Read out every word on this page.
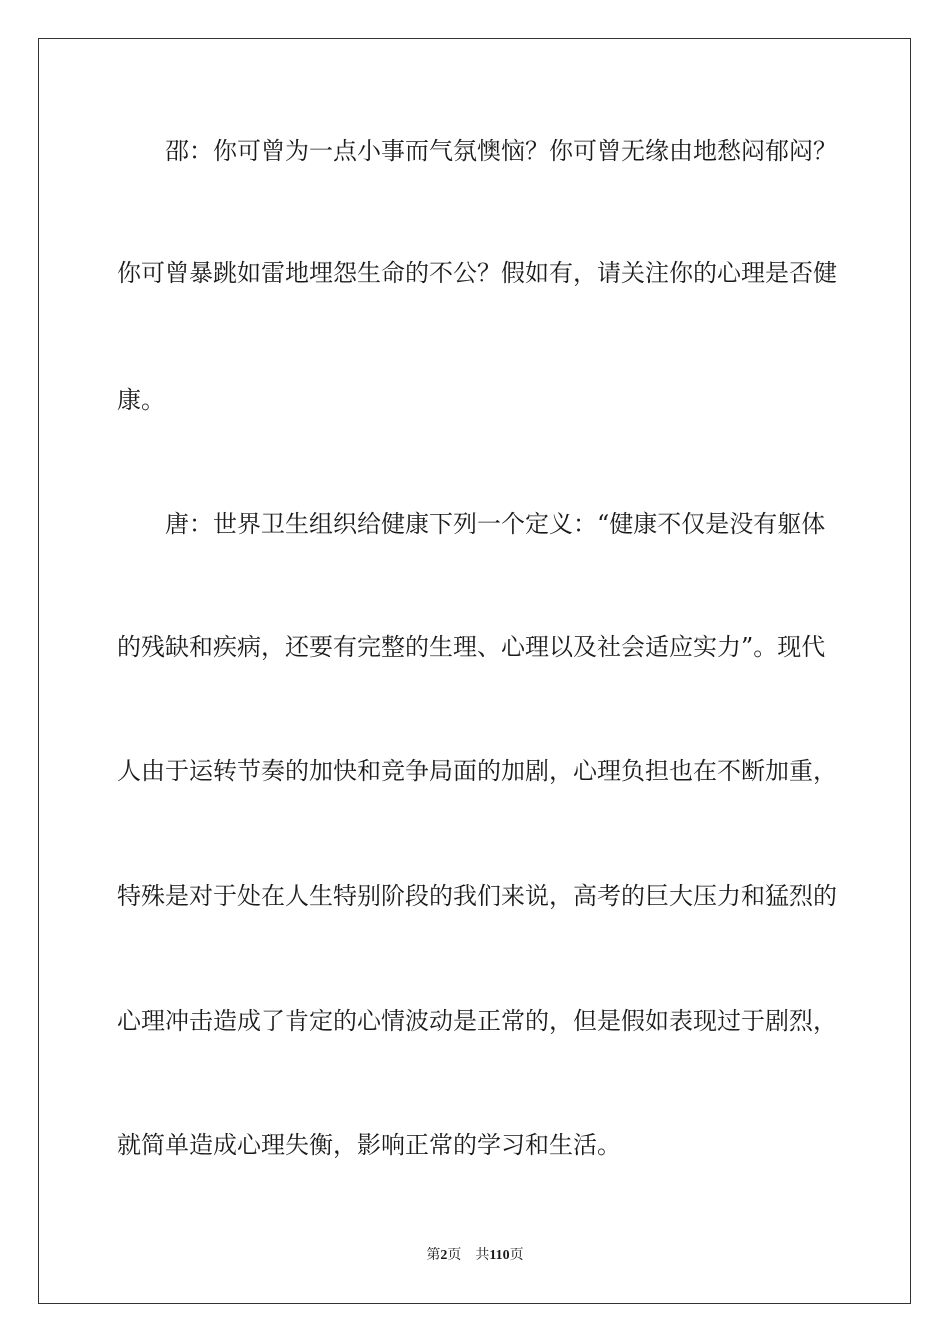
　　邵：你可曾为一点小事而气氛懊恼？你可曾无缘由地愁闷郁闷？
你可曾暴跳如雷地埋怨生命的不公？假如有，请关注你的心理是否健
康。
　　唐：世界卫生组织给健康下列一个定义：“健康不仅是没有躯体
的残缺和疾病，还要有完整的生理、心理以及社会适应实力”。现代
人由于运转节奏的加快和竞争局面的加剧，心理负担也在不断加重，
特殊是对于处在人生特别阶段的我们来说，高考的巨大压力和猛烈的
心理冲击造成了肯定的心情波动是正常的，但是假如表现过于剧烈，
就简单造成心理失衡，影响正常的学习和生活。
第2页 共110页
